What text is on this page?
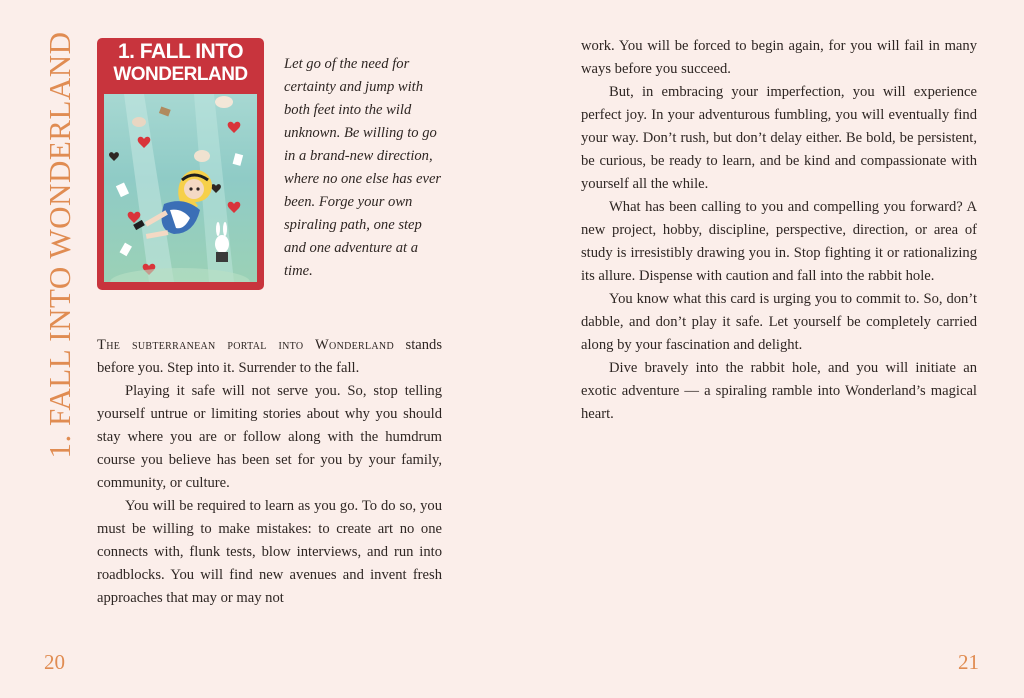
1. FALL INTO WONDERLAND	1. FALL INTO
WONDERLAND	Let go of the need for certainty and jump with both feet into the wild unknown. Be willing to go in a brand-new direction, where no one else has ever been. Forge your own spiraling path, one step and one adventure at a time.

The subterranean portal into Wonderland stands before you. Step into it. Surrender to the fall.

Playing it safe will not serve you. So, stop telling yourself untrue or limiting stories about why you should stay where you are or follow along with the humdrum course you believe has been set for you by your family, community, or culture.

You will be required to learn as you go. To do so, you must be willing to make mistakes: to create art no one connects with, flunk tests, blow interviews, and run into roadblocks. You will find new avenues and invent fresh approaches that may or may not

work. You will be forced to begin again, for you will fail in many ways before you succeed.

But, in embracing your imperfection, you will experience perfect joy. In your adventurous fumbling, you will eventually find your way. Don’t rush, but don’t delay either. Be bold, be persistent, be curious, be ready to learn, and be kind and compassionate with yourself all the while.

What has been calling to you and compelling you forward? A new project, hobby, discipline, perspective, direction, or area of study is irresistibly drawing you in. Stop fighting it or rationalizing its allure. Dispense with caution and fall into the rabbit hole.

You know what this card is urging you to commit to. So, don’t dabble, and don’t play it safe. Let yourself be completely carried along by your fascination and delight.

Dive bravely into the rabbit hole, and you will initiate an exotic adventure — a spiraling ramble into Wonderland’s magical heart.

20	21
